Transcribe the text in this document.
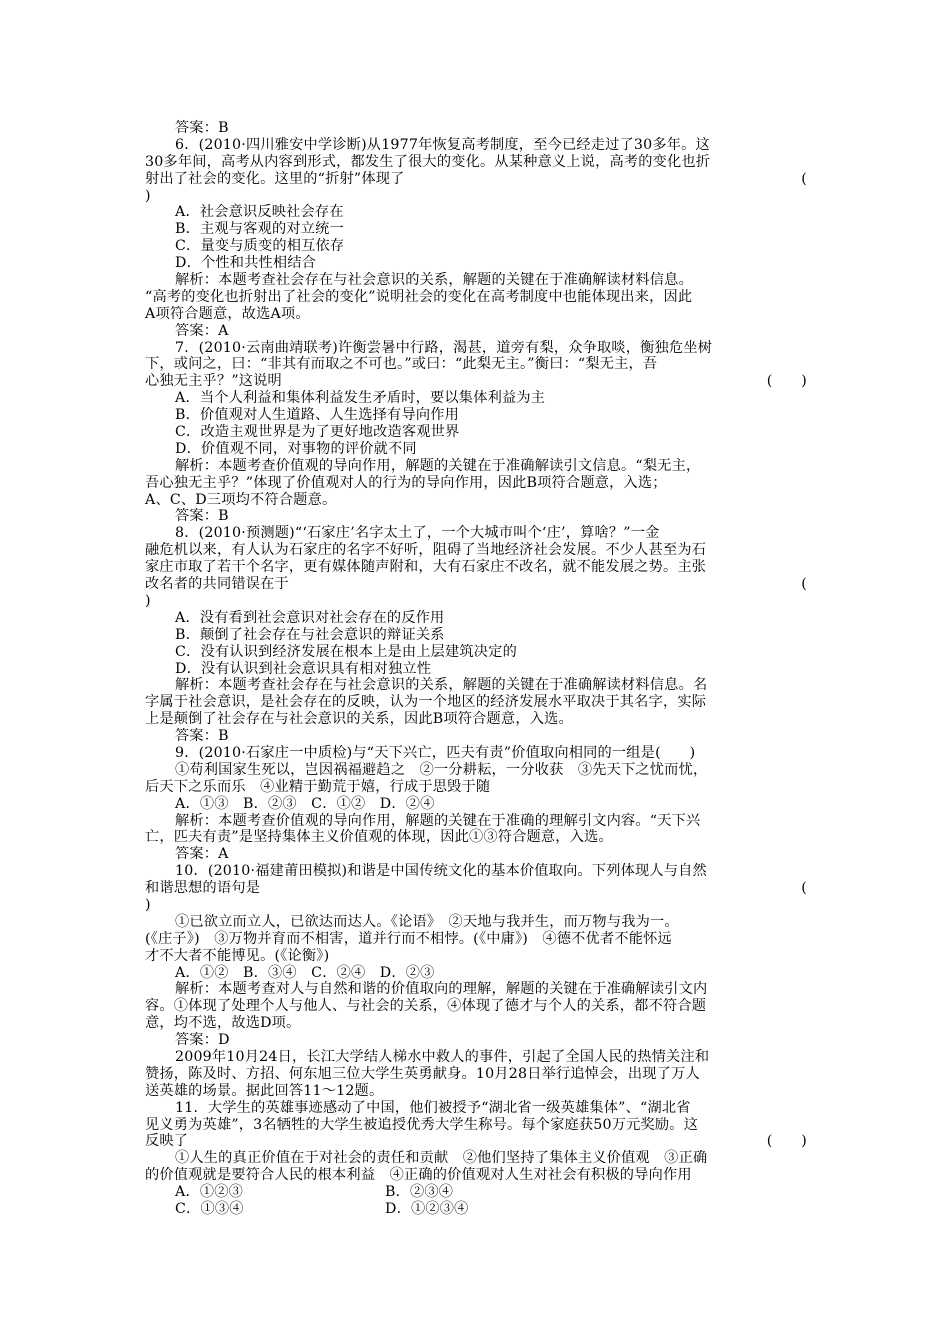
答案：B
6．(2010·四川雅安中学诊断)从1977年恢复高考制度，至今已经走过了30多年。这
30多年间，高考从内容到形式，都发生了很大的变化。从某种意义上说，高考的变化也折
射出了社会的变化。这里的“折射”体现了	(
)
A．社会意识反映社会存在
B．主观与客观的对立统一
C．量变与质变的相互依存
D．个性和共性相结合
解析：本题考查社会存在与社会意识的关系，解题的关键在于准确解读材料信息。
“高考的变化也折射出了社会的变化”说明社会的变化在高考制度中也能体现出来，因此
A项符合题意，故选A项。
答案：A
7．(2010·云南曲靖联考)许衡尝暑中行路，渴甚，道旁有梨，众争取啖，衡独危坐树
下，或问之，曰：“非其有而取之不可也。”或曰：“此梨无主。”衡曰：“梨无主，吾
心独无主乎？”这说明	(　　)
A．当个人利益和集体利益发生矛盾时，要以集体利益为主
B．价值观对人生道路、人生选择有导向作用
C．改造主观世界是为了更好地改造客观世界
D．价值观不同，对事物的评价就不同
解析：本题考查价值观的导向作用，解题的关键在于准确解读引文信息。“梨无主，
吾心独无主乎？”体现了价值观对人的行为的导向作用，因此B项符合题意，入选；
A、C、D三项均不符合题意。
答案：B
8．(2010·预测题)“‘石家庄’名字太土了，一个大城市叫个‘庄’，算啥？”一金
融危机以来，有人认为石家庄的名字不好听，阻碍了当地经济社会发展。不少人甚至为石
家庄市取了若干个名字，更有媒体随声附和，大有石家庄不改名，就不能发展之势。主张
改名者的共同错误在于	(
)
A．没有看到社会意识对社会存在的反作用
B．颠倒了社会存在与社会意识的辩证关系
C．没有认识到经济发展在根本上是由上层建筑决定的
D．没有认识到社会意识具有相对独立性
解析：本题考查社会存在与社会意识的关系，解题的关键在于准确解读材料信息。名
字属于社会意识，是社会存在的反映，认为一个地区的经济发展水平取决于其名字，实际
上是颠倒了社会存在与社会意识的关系，因此B项符合题意，入选。
答案：B
9．(2010·石家庄一中质检)与“天下兴亡，匹夫有责”价值取向相同的一组是(　　)
①苟利国家生死以，岂因祸福避趋之　②一分耕耘，一分收获　③先天下之忧而忧，
后天下之乐而乐　④业精于勤荒于嬉，行成于思毁于随
A．①③　B．②③　C．①②　D．②④
解析：本题考查价值观的导向作用，解题的关键在于准确的理解引文内容。“天下兴
亡，匹夫有责”是坚持集体主义价值观的体现，因此①③符合题意，入选。
答案：A
10．(2010·福建莆田模拟)和谐是中国传统文化的基本价值取向。下列体现人与自然
和谐思想的语句是	(
)
①已欲立而立人，已欲达而达人。《论语》　②天地与我并生，而万物与我为一。
(《庄子》)　③万物并育而不相害，道并行而不相悖。(《中庸》)　④德不优者不能怀远
才不大者不能博见。(《论衡》)
A．①②　B．③④　C．②④　D．②③
解析：本题考查对人与自然和谐的价值取向的理解，解题的关键在于准确解读引文内
容。①体现了处理个人与他人、与社会的关系，④体现了德才与个人的关系，都不符合题
意，均不选，故选D项。
答案：D
2009年10月24日，长江大学结人梯水中救人的事件，引起了全国人民的热情关注和
赞扬，陈及时、方招、何东旭三位大学生英勇献身。10月28日举行追悼会，出现了万人
送英雄的场景。据此回答11～12题。
11．大学生的英雄事迹感动了中国，他们被授予“湖北省一级英雄集体”、“湖北省
见义勇为英雄”，3名牺牲的大学生被追授优秀大学生称号。每个家庭获50万元奖励。这
反映了	(　　)
①人生的真正价值在于对社会的责任和贡献　②他们坚持了集体主义价值观　③正确
的价值观就是要符合人民的根本利益　④正确的价值观对人生对社会有积极的导向作用
A．①②③	B．②③④
C．①③④	D．①②③④
